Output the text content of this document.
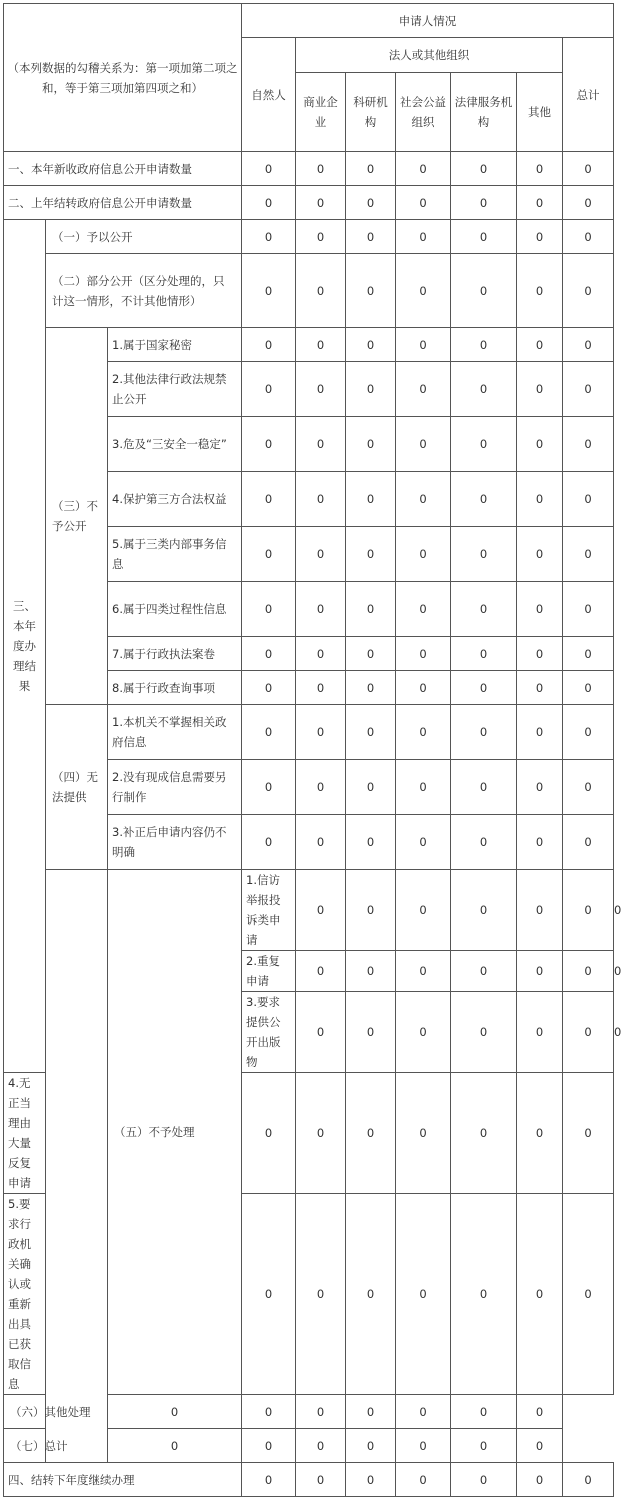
（本列数据的勾稽关系为：第一项加第二项之和，等于第三项加第四项之和）			申请人情况							
			自然人	法人或其他组织					总计	
				商业企业	科研机构	社会公益组织	法律服务机构	其他		
一、本年新收政府信息公开申请数量			0	0	0	0	0	0	0	
二、上年结转政府信息公开申请数量			0	0	0	0	0	0	0	
三、本年度办理结果	（一）予以公开		0	0	0	0	0	0	0	
	（二）部分公开（区分处理的，只计这一情形，不计其他情形）		0	0	0	0	0	0	0	
	（三）不予公开	1.属于国家秘密	0	0	0	0	0	0	0	
		2.其他法律行政法规禁止公开	0	0	0	0	0	0	0	
		3.危及“三安全一稳定”	0	0	0	0	0	0	0	
		4.保护第三方合法权益	0	0	0	0	0	0	0	
		5.属于三类内部事务信息	0	0	0	0	0	0	0	
		6.属于四类过程性信息	0	0	0	0	0	0	0	
		7.属于行政执法案卷	0	0	0	0	0	0	0	
		8.属于行政查询事项	0	0	0	0	0	0	0	
	（四）无法提供	1.本机关不掌握相关政府信息	0	0	0	0	0	0	0	
		2.没有现成信息需要另行制作	0	0	0	0	0	0	0	
		3.补正后申请内容仍不明确	0	0	0	0	0	0	0	
		（五）不予处理	1.信访举报投诉类申请	0	0	0	0	0	0	0
			2.重复申请	0	0	0	0	0	0	0
			3.要求提供公开出版物	0	0	0	0	0	0	0
4.无正当理由大量反复申请			0	0	0	0	0	0	0	
5.要求行政机关确认或重新出具已获取信息			0	0	0	0	0	0	0	
（六）其他处理		0	0	0	0	0	0	0		
（七）总计		0	0	0	0	0	0	0		
四、结转下年度继续办理			0	0	0	0	0	0	0	
